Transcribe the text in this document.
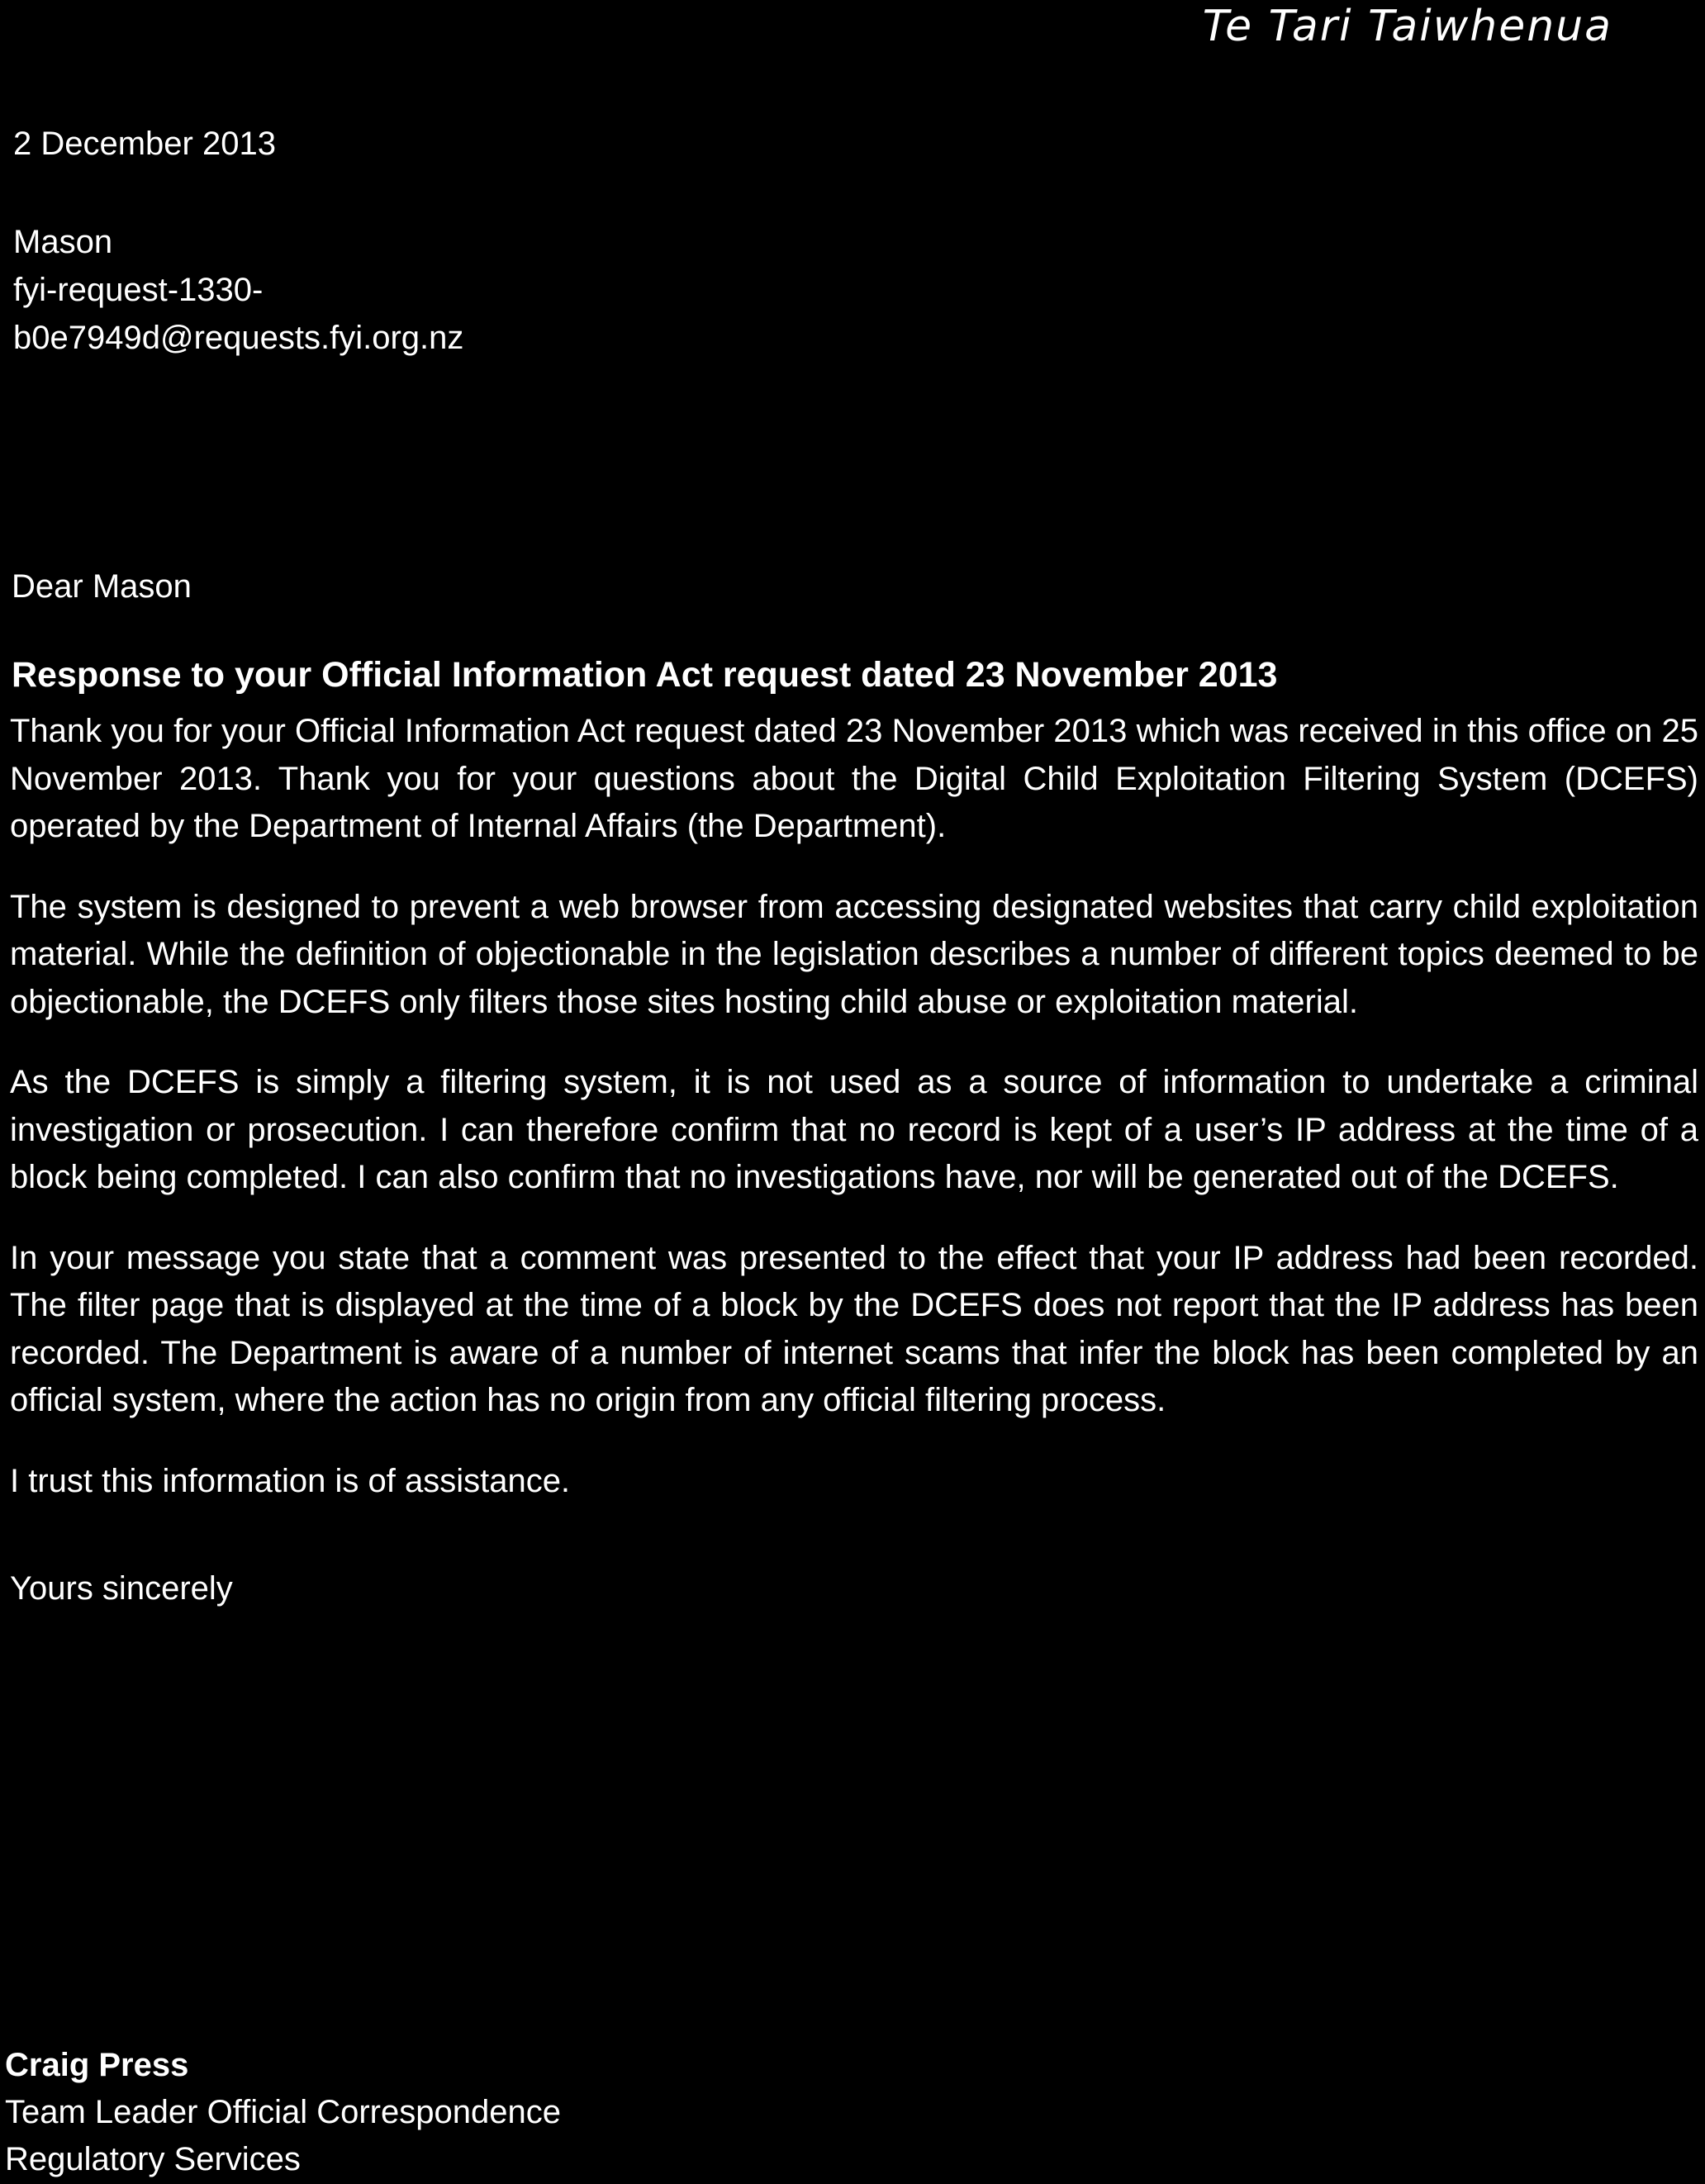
Te Tari Taiwhenua
2 December 2013
Mason
fyi-request-1330-
b0e7949d@requests.fyi.org.nz
Dear Mason
Response to your Official Information Act request dated 23 November 2013

Thank you for your Official Information Act request dated 23 November 2013 which was received in this office on 25 November 2013. Thank you for your questions about the Digital Child Exploitation Filtering System (DCEFS) operated by the Department of Internal Affairs (the Department).

The system is designed to prevent a web browser from accessing designated websites that carry child exploitation material. While the definition of objectionable in the legislation describes a number of different topics deemed to be objectionable, the DCEFS only filters those sites hosting child abuse or exploitation material.

As the DCEFS is simply a filtering system, it is not used as a source of information to undertake a criminal investigation or prosecution. I can therefore confirm that no record is kept of a user’s IP address at the time of a block being completed. I can also confirm that no investigations have, nor will be generated out of the DCEFS.

In your message you state that a comment was presented to the effect that your IP address had been recorded. The filter page that is displayed at the time of a block by the DCEFS does not report that the IP address has been recorded. The Department is aware of a number of internet scams that infer the block has been completed by an official system, where the action has no origin from any official filtering process.

I trust this information is of assistance.

Yours sincerely
Craig Press
Team Leader Official Correspondence
Regulatory Services
